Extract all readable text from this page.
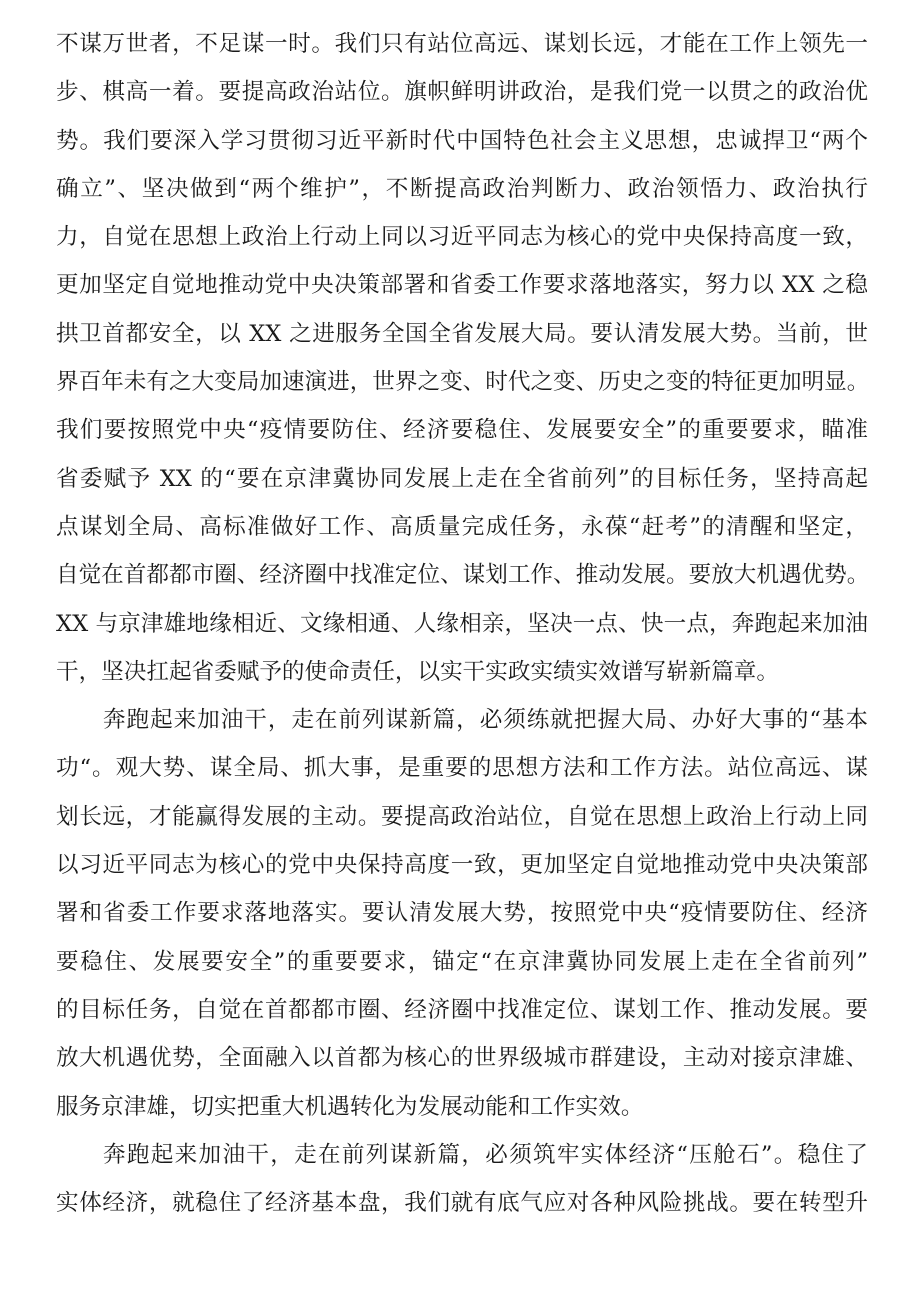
不谋万世者，不足谋一时。我们只有站位高远、谋划长远，才能在工作上领先一
步、棋高一着。要提高政治站位。旗帜鲜明讲政治，是我们党一以贯之的政治优
势。我们要深入学习贯彻习近平新时代中国特色社会主义思想，忠诚捍卫“两个
确立”、坚决做到“两个维护”，不断提高政治判断力、政治领悟力、政治执行
力，自觉在思想上政治上行动上同以习近平同志为核心的党中央保持高度一致，
更加坚定自觉地推动党中央决策部署和省委工作要求落地落实，努力以 XX 之稳
拱卫首都安全，以 XX 之进服务全国全省发展大局。要认清发展大势。当前，世
界百年未有之大变局加速演进，世界之变、时代之变、历史之变的特征更加明显。
我们要按照党中央“疫情要防住、经济要稳住、发展要安全”的重要要求，瞄准
省委赋予 XX 的“要在京津冀协同发展上走在全省前列”的目标任务，坚持高起
点谋划全局、高标准做好工作、高质量完成任务，永葆“赶考”的清醒和坚定，
自觉在首都都市圈、经济圈中找准定位、谋划工作、推动发展。要放大机遇优势。
XX 与京津雄地缘相近、文缘相通、人缘相亲，坚决一点、快一点，奔跑起来加油
干，坚决扛起省委赋予的使命责任，以实干实政实绩实效谱写崭新篇章。
奔跑起来加油干，走在前列谋新篇，必须练就把握大局、办好大事的“基本
功“。观大势、谋全局、抓大事，是重要的思想方法和工作方法。站位高远、谋
划长远，才能赢得发展的主动。要提高政治站位，自觉在思想上政治上行动上同
以习近平同志为核心的党中央保持高度一致，更加坚定自觉地推动党中央决策部
署和省委工作要求落地落实。要认清发展大势，按照党中央“疫情要防住、经济
要稳住、发展要安全”的重要要求，锚定“在京津冀协同发展上走在全省前列”
的目标任务，自觉在首都都市圈、经济圈中找准定位、谋划工作、推动发展。要
放大机遇优势，全面融入以首都为核心的世界级城市群建设，主动对接京津雄、
服务京津雄，切实把重大机遇转化为发展动能和工作实效。
奔跑起来加油干，走在前列谋新篇，必须筑牢实体经济“压舱石”。稳住了
实体经济，就稳住了经济基本盘，我们就有底气应对各种风险挑战。要在转型升
